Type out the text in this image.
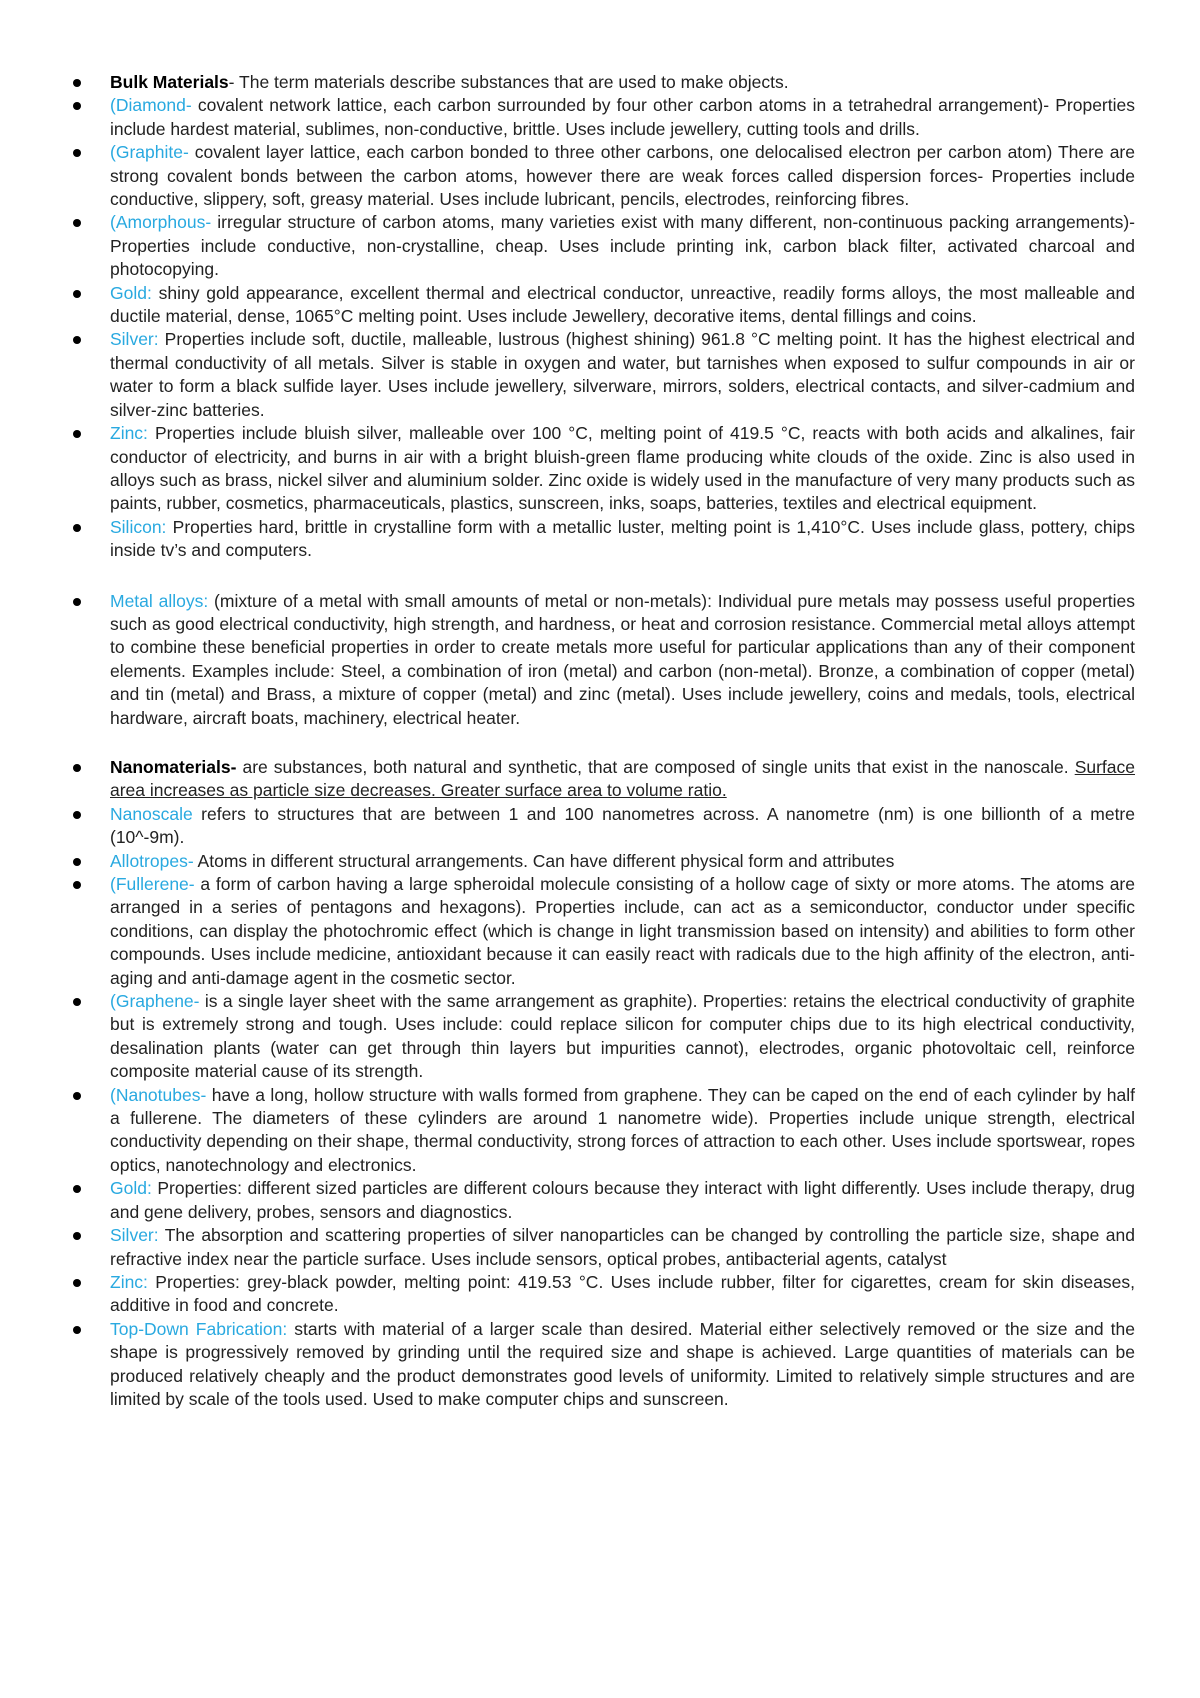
Bulk Materials- The term materials describe substances that are used to make objects.
(Diamond- covalent network lattice, each carbon surrounded by four other carbon atoms in a tetrahedral arrangement)- Properties include hardest material, sublimes, non-conductive, brittle. Uses include jewellery, cutting tools and drills.
(Graphite- covalent layer lattice, each carbon bonded to three other carbons, one delocalised electron per carbon atom) There are strong covalent bonds between the carbon atoms, however there are weak forces called dispersion forces- Properties include conductive, slippery, soft, greasy material. Uses include lubricant, pencils, electrodes, reinforcing fibres.
(Amorphous- irregular structure of carbon atoms, many varieties exist with many different, non-continuous packing arrangements)- Properties include conductive, non-crystalline, cheap. Uses include printing ink, carbon black filter, activated charcoal and photocopying.
Gold: shiny gold appearance, excellent thermal and electrical conductor, unreactive, readily forms alloys, the most malleable and ductile material, dense, 1065°C melting point. Uses include Jewellery, decorative items, dental fillings and coins.
Silver: Properties include soft, ductile, malleable, lustrous (highest shining) 961.8 °C melting point. It has the highest electrical and thermal conductivity of all metals. Silver is stable in oxygen and water, but tarnishes when exposed to sulfur compounds in air or water to form a black sulfide layer. Uses include jewellery, silverware, mirrors, solders, electrical contacts, and silver-cadmium and silver-zinc batteries.
Zinc: Properties include bluish silver, malleable over 100 °C, melting point of 419.5 °C, reacts with both acids and alkalines, fair conductor of electricity, and burns in air with a bright bluish-green flame producing white clouds of the oxide. Zinc is also used in alloys such as brass, nickel silver and aluminium solder. Zinc oxide is widely used in the manufacture of very many products such as paints, rubber, cosmetics, pharmaceuticals, plastics, sunscreen, inks, soaps, batteries, textiles and electrical equipment.
Silicon: Properties hard, brittle in crystalline form with a metallic luster, melting point is 1,410°C. Uses include glass, pottery, chips inside tv’s and computers.
Metal alloys: (mixture of a metal with small amounts of metal or non-metals): Individual pure metals may possess useful properties such as good electrical conductivity, high strength, and hardness, or heat and corrosion resistance. Commercial metal alloys attempt to combine these beneficial properties in order to create metals more useful for particular applications than any of their component elements. Examples include: Steel, a combination of iron (metal) and carbon (non-metal). Bronze, a combination of copper (metal) and tin (metal) and Brass, a mixture of copper (metal) and zinc (metal). Uses include jewellery, coins and medals, tools, electrical hardware, aircraft boats, machinery, electrical heater.
Nanomaterials- are substances, both natural and synthetic, that are composed of single units that exist in the nanoscale. Surface area increases as particle size decreases. Greater surface area to volume ratio.
Nanoscale refers to structures that are between 1 and 100 nanometres across. A nanometre (nm) is one billionth of a metre (10^-9m).
Allotropes- Atoms in different structural arrangements. Can have different physical form and attributes
(Fullerene- a form of carbon having a large spheroidal molecule consisting of a hollow cage of sixty or more atoms. The atoms are arranged in a series of pentagons and hexagons). Properties include, can act as a semiconductor, conductor under specific conditions, can display the photochromic effect (which is change in light transmission based on intensity) and abilities to form other compounds. Uses include medicine, antioxidant because it can easily react with radicals due to the high affinity of the electron, anti-aging and anti-damage agent in the cosmetic sector.
(Graphene- is a single layer sheet with the same arrangement as graphite). Properties: retains the electrical conductivity of graphite but is extremely strong and tough. Uses include: could replace silicon for computer chips due to its high electrical conductivity, desalination plants (water can get through thin layers but impurities cannot), electrodes, organic photovoltaic cell, reinforce composite material cause of its strength.
(Nanotubes- have a long, hollow structure with walls formed from graphene. They can be caped on the end of each cylinder by half a fullerene. The diameters of these cylinders are around 1 nanometre wide). Properties include unique strength, electrical conductivity depending on their shape, thermal conductivity, strong forces of attraction to each other. Uses include sportswear, ropes optics, nanotechnology and electronics.
Gold: Properties: different sized particles are different colours because they interact with light differently. Uses include therapy, drug and gene delivery, probes, sensors and diagnostics.
Silver: The absorption and scattering properties of silver nanoparticles can be changed by controlling the particle size, shape and refractive index near the particle surface. Uses include sensors, optical probes, antibacterial agents, catalyst
Zinc: Properties: grey-black powder, melting point: 419.53 °C. Uses include rubber, filter for cigarettes, cream for skin diseases, additive in food and concrete.
Top-Down Fabrication: starts with material of a larger scale than desired. Material either selectively removed or the size and the shape is progressively removed by grinding until the required size and shape is achieved. Large quantities of materials can be produced relatively cheaply and the product demonstrates good levels of uniformity. Limited to relatively simple structures and are limited by scale of the tools used. Used to make computer chips and sunscreen.
